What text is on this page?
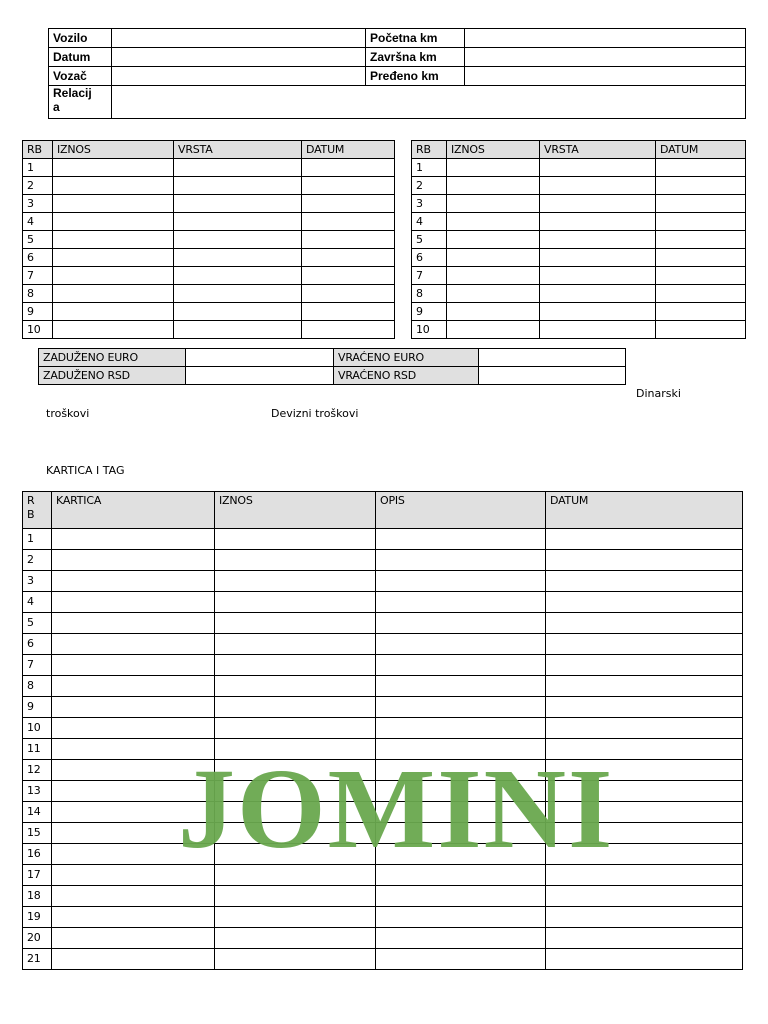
Vozilo		Početna km	
Datum		Završna km	
Vozač		Pređeno km	
Relacij
a			
RB	IZNOS	VRSTA	DATUM
1			
2			
3			
4			
5			
6			
7			
8			
9			
10			
RB	IZNOS	VRSTA	DATUM
1			
2			
3			
4			
5			
6			
7			
8			
9			
10			
ZADUŽENO EURO		VRAĆENO EURO	
ZADUŽENO RSD		VRAĆENO RSD	
Dinarski
troškovi	Devizni troškovi
KARTICA I TAG
R
B	KARTICA	IZNOS	OPIS	DATUM
1				
2				
3				
4				
5				
6				
7				
8				
9				
10				
11				
12				
13				
14				
15				
16				
17				
18				
19				
20				
21				
JOMINI
